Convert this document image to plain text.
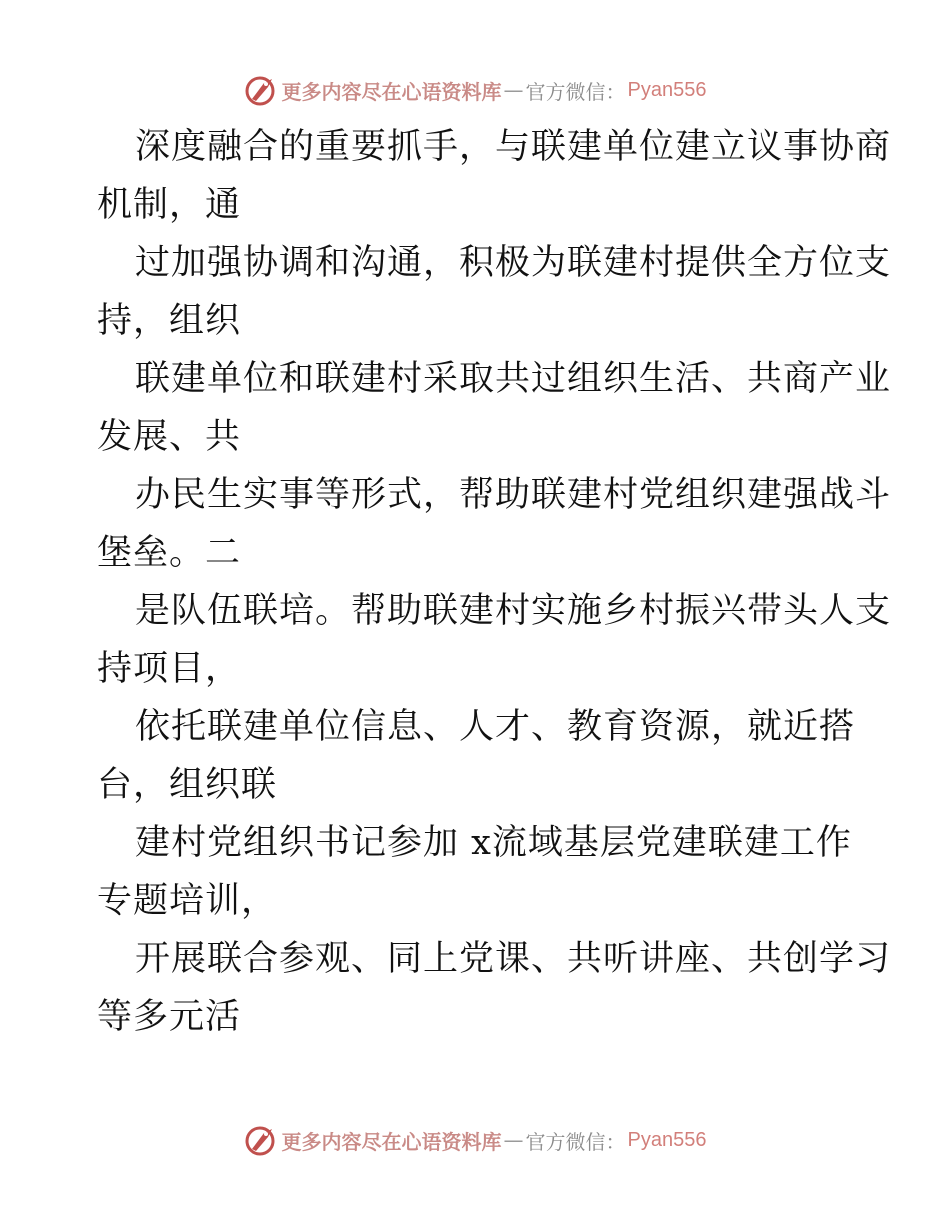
更多内容尽在心语资料库 — 官方微信： Pyan556
深度融合的重要抓手，与联建单位建立议事协商
机制，通
过加强协调和沟通，积极为联建村提供全方位支
持，组织
联建单位和联建村采取共过组织生活、共商产业
发展、共
办民生实事等形式，帮助联建村党组织建强战斗
堡垒。二
是队伍联培。帮助联建村实施乡村振兴带头人支
持项目，
依托联建单位信息、人才、教育资源，就近搭
台，组织联
建村党组织书记参加 x流域基层党建联建工作
专题培训，
开展联合参观、同上党课、共听讲座、共创学习
等多元活
更多内容尽在心语资料库 — 官方微信： Pyan556
